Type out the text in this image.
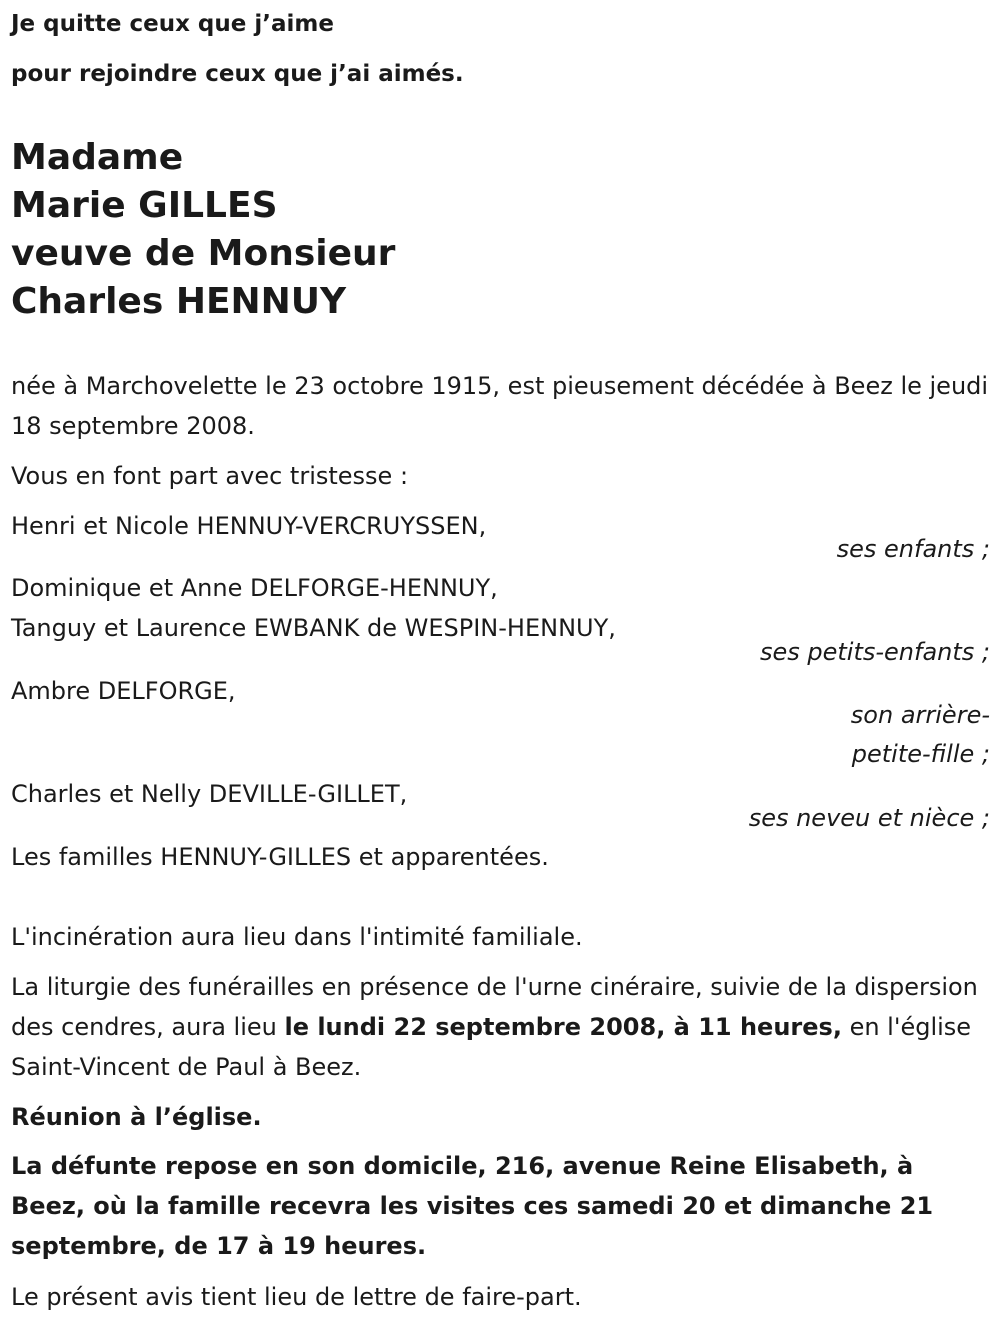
Je quitte ceux que j’aime

pour rejoindre ceux que j’ai aimés.

Madame
Marie GILLES
veuve de Monsieur
Charles HENNUY

née à Marchovelette le 23 octobre 1915, est pieusement décédée à Beez le jeudi 18 septembre 2008.

Vous en font part avec tristesse :

Henri et Nicole HENNUY-VERCRUYSSEN,

ses enfants ;

Dominique et Anne DELFORGE-HENNUY,

Tanguy et Laurence EWBANK de WESPIN-HENNUY,

ses petits-enfants ;

Ambre DELFORGE,

son arrière-
petite-fille ;

Charles et Nelly DEVILLE-GILLET,

ses neveu et nièce ;

Les familles HENNUY-GILLES et apparentées.

L'incinération aura lieu dans l'intimité familiale.

La liturgie des funérailles en présence de l'urne cinéraire, suivie de la dispersion des cendres, aura lieu le lundi 22 septembre 2008, à 11 heures, en l'église Saint-Vincent de Paul à Beez.

Réunion à l’église.

La défunte repose en son domicile, 216, avenue Reine Elisabeth, à Beez, où la famille recevra les visites ces samedi 20 et dimanche 21 septembre, de 17 à 19 heures.

Le présent avis tient lieu de lettre de faire-part.
